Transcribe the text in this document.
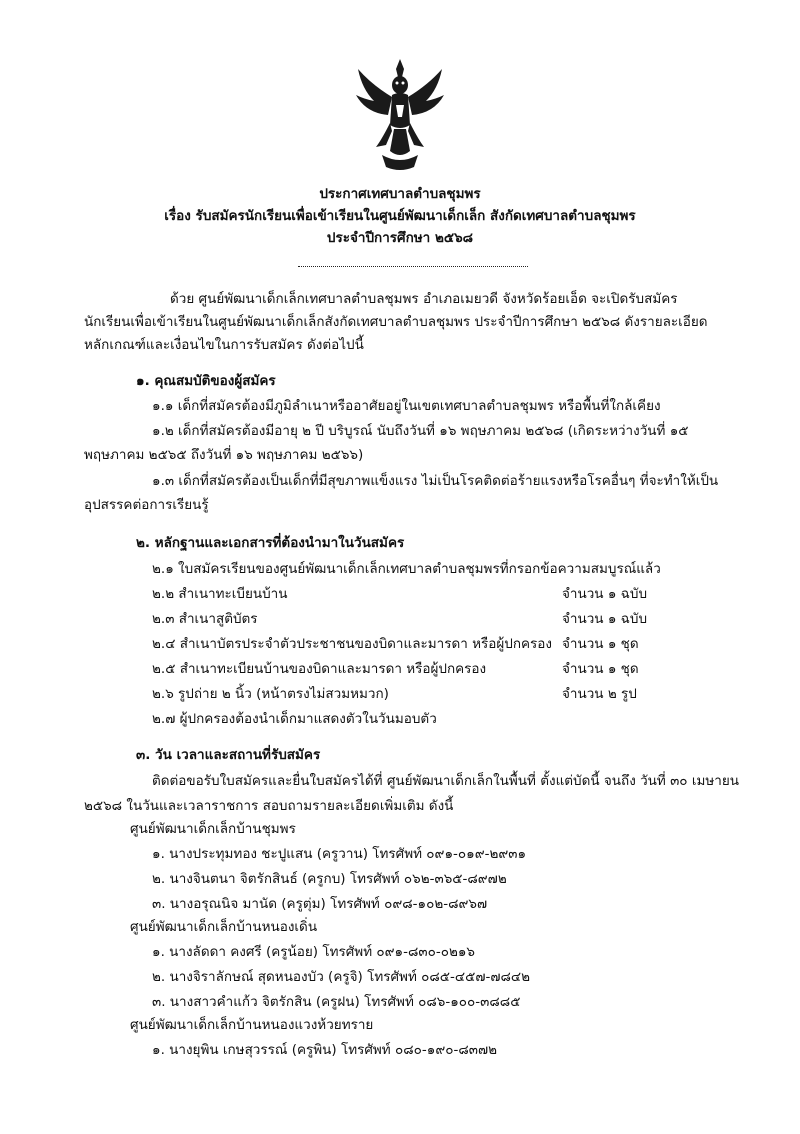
ประกาศเทศบาลตำบลชุมพร
เรื่อง รับสมัครนักเรียนเพื่อเข้าเรียนในศูนย์พัฒนาเด็กเล็ก สังกัดเทศบาลตำบลชุมพร
ประจำปีการศึกษา ๒๕๖๘
ด้วย ศูนย์พัฒนาเด็กเล็กเทศบาลตำบลชุมพร อำเภอเมยวดี จังหวัดร้อยเอ็ด จะเปิดรับสมัคร
นักเรียนเพื่อเข้าเรียนในศูนย์พัฒนาเด็กเล็กสังกัดเทศบาลตำบลชุมพร ประจำปีการศึกษา ๒๕๖๘ ดังรายละเอียด
หลักเกณฑ์และเงื่อนไขในการรับสมัคร ดังต่อไปนี้
๑. คุณสมบัติของผู้สมัคร
๑.๑ เด็กที่สมัครต้องมีภูมิลำเนาหรืออาศัยอยู่ในเขตเทศบาลตำบลชุมพร หรือพื้นที่ใกล้เคียง
๑.๒ เด็กที่สมัครต้องมีอายุ ๒ ปี บริบูรณ์ นับถึงวันที่ ๑๖ พฤษภาคม ๒๕๖๘ (เกิดระหว่างวันที่ ๑๕
พฤษภาคม ๒๕๖๕ ถึงวันที่ ๑๖ พฤษภาคม ๒๕๖๖)
๑.๓ เด็กที่สมัครต้องเป็นเด็กที่มีสุขภาพแข็งแรง ไม่เป็นโรคติดต่อร้ายแรงหรือโรคอื่นๆ ที่จะทำให้เป็น
อุปสรรคต่อการเรียนรู้
๒. หลักฐานและเอกสารที่ต้องนำมาในวันสมัคร
๒.๑ ใบสมัครเรียนของศูนย์พัฒนาเด็กเล็กเทศบาลตำบลชุมพรที่กรอกข้อความสมบูรณ์แล้ว
๒.๒ สำเนาทะเบียนบ้าน	จำนวน ๑ ฉบับ
๒.๓ สำเนาสูติบัตร	จำนวน ๑ ฉบับ
๒.๔ สำเนาบัตรประจำตัวประชาชนของบิดาและมารดา หรือผู้ปกครอง จำนวน ๑ ชุด
๒.๕ สำเนาทะเบียนบ้านของบิดาและมารดา หรือผู้ปกครอง	จำนวน ๑ ชุด
๒.๖ รูปถ่าย ๒ นิ้ว (หน้าตรงไม่สวมหมวก)	จำนวน ๒ รูป
๒.๗ ผู้ปกครองต้องนำเด็กมาแสดงตัวในวันมอบตัว
๓. วัน เวลาและสถานที่รับสมัคร
ติดต่อขอรับใบสมัครและยื่นใบสมัครได้ที่ ศูนย์พัฒนาเด็กเล็กในพื้นที่ ตั้งแต่บัดนี้ จนถึง วันที่ ๓๐ เมษายน
๒๕๖๘ ในวันและเวลาราชการ สอบถามรายละเอียดเพิ่มเติม ดังนี้
ศูนย์พัฒนาเด็กเล็กบ้านชุมพร
๑. นางประทุมทอง ชะปูแสน (ครูวาน) โทรศัพท์ ๐๙๑-๐๑๙-๒๙๓๑
๒. นางจินตนา จิตรักสินธ์ (ครูกบ) โทรศัพท์ ๐๖๒-๓๖๕-๘๙๗๒
๓. นางอรุณนิจ มานัด (ครูตุ่ม) โทรศัพท์ ๐๙๘-๑๐๒-๘๙๖๗
ศูนย์พัฒนาเด็กเล็กบ้านหนองเดิ่น
๑. นางลัดดา คงศรี (ครูน้อย) โทรศัพท์ ๐๙๑-๘๓๐-๐๒๑๖
๒. นางจิราลักษณ์ สุดหนองบัว (ครูจิ) โทรศัพท์ ๐๘๕-๔๕๗-๗๘๔๒
๓. นางสาวคำแก้ว จิตรักสิน (ครูฝน) โทรศัพท์ ๐๘๖-๑๐๐-๓๘๘๕
ศูนย์พัฒนาเด็กเล็กบ้านหนองแวงห้วยทราย
๑. นางยุพิน เกษสุวรรณ์ (ครูพิน) โทรศัพท์ ๐๘๐-๑๙๐-๘๓๗๒
